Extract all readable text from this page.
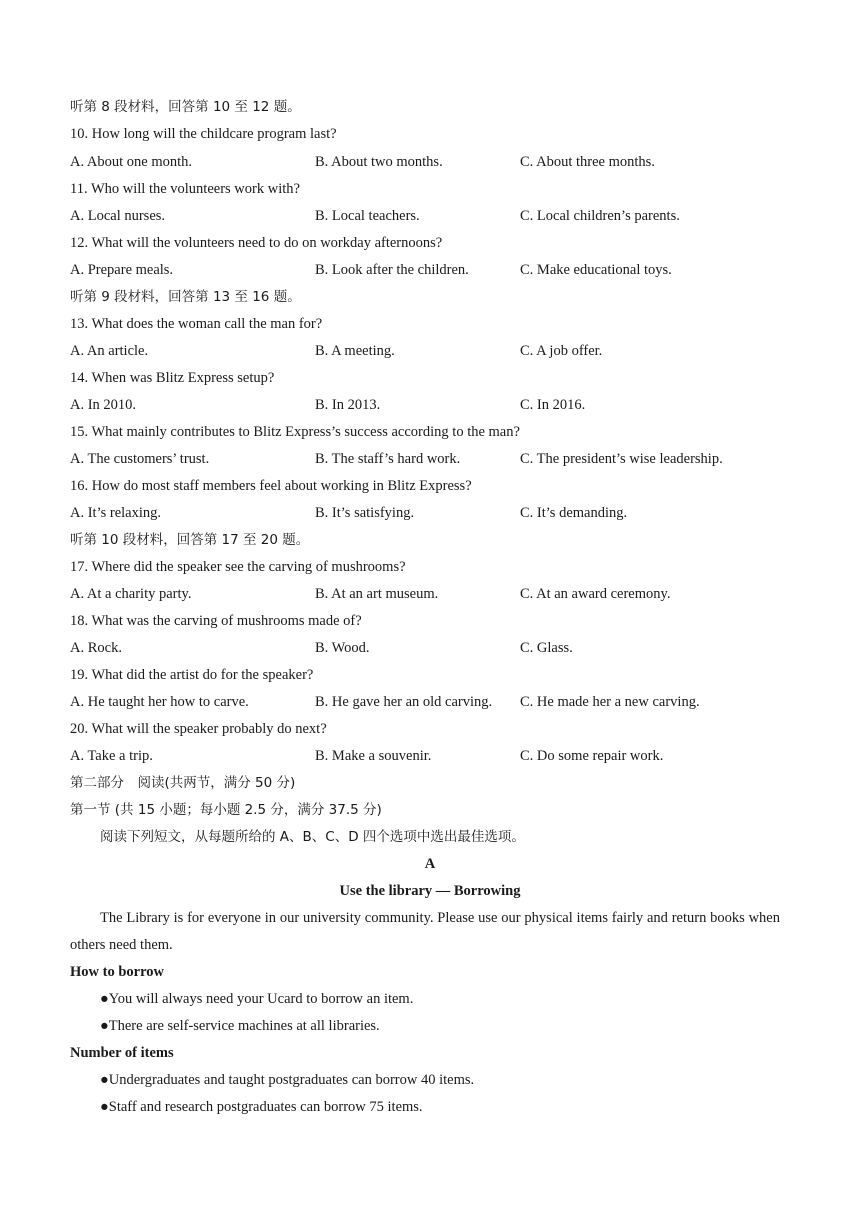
听第 8 段材料，回答第 10 至 12 题。
10. How long will the childcare program last?
A. About one month.	B. About two months.	C. About three months.
11. Who will the volunteers work with?
A. Local nurses.	B. Local teachers.	C. Local children’s parents.
12. What will the volunteers need to do on workday afternoons?
A. Prepare meals.	B. Look after the children.	C. Make educational toys.
听第 9 段材料，回答第 13 至 16 题。
13. What does the woman call the man for?
A. An article.	B. A meeting.	C. A job offer.
14. When was Blitz Express setup?
A. In 2010.	B. In 2013.	C. In 2016.
15. What mainly contributes to Blitz Express’s success according to the man?
A. The customers’ trust.	B. The staff’s hard work.	C. The president’s wise leadership.
16. How do most staff members feel about working in Blitz Express?
A. It’s relaxing.	B. It’s satisfying.	C. It’s demanding.
听第 10 段材料，回答第 17 至 20 题。
17. Where did the speaker see the carving of mushrooms?
A. At a charity party.	B. At an art museum.	C. At an award ceremony.
18. What was the carving of mushrooms made of?
A. Rock.	B. Wood.	C. Glass.
19. What did the artist do for the speaker?
A. He taught her how to carve.	B. He gave her an old carving. C. He made her a new carving.
20. What will the speaker probably do next?
A. Take a trip.	B. Make a souvenir.	C. Do some repair work.
第二部分　阅读(共两节，满分 50 分)
第一节 (共 15 小题；每小题 2.5 分，满分 37.5 分)
阅读下列短文，从每题所给的 A、B、C、D 四个选项中选出最佳选项。
A
Use the library — Borrowing
The Library is for everyone in our university community. Please use our physical items fairly and return books when others need them.
How to borrow
●You will always need your Ucard to borrow an item.
●There are self-service machines at all libraries.
Number of items
●Undergraduates and taught postgraduates can borrow 40 items.
●Staff and research postgraduates can borrow 75 items.
